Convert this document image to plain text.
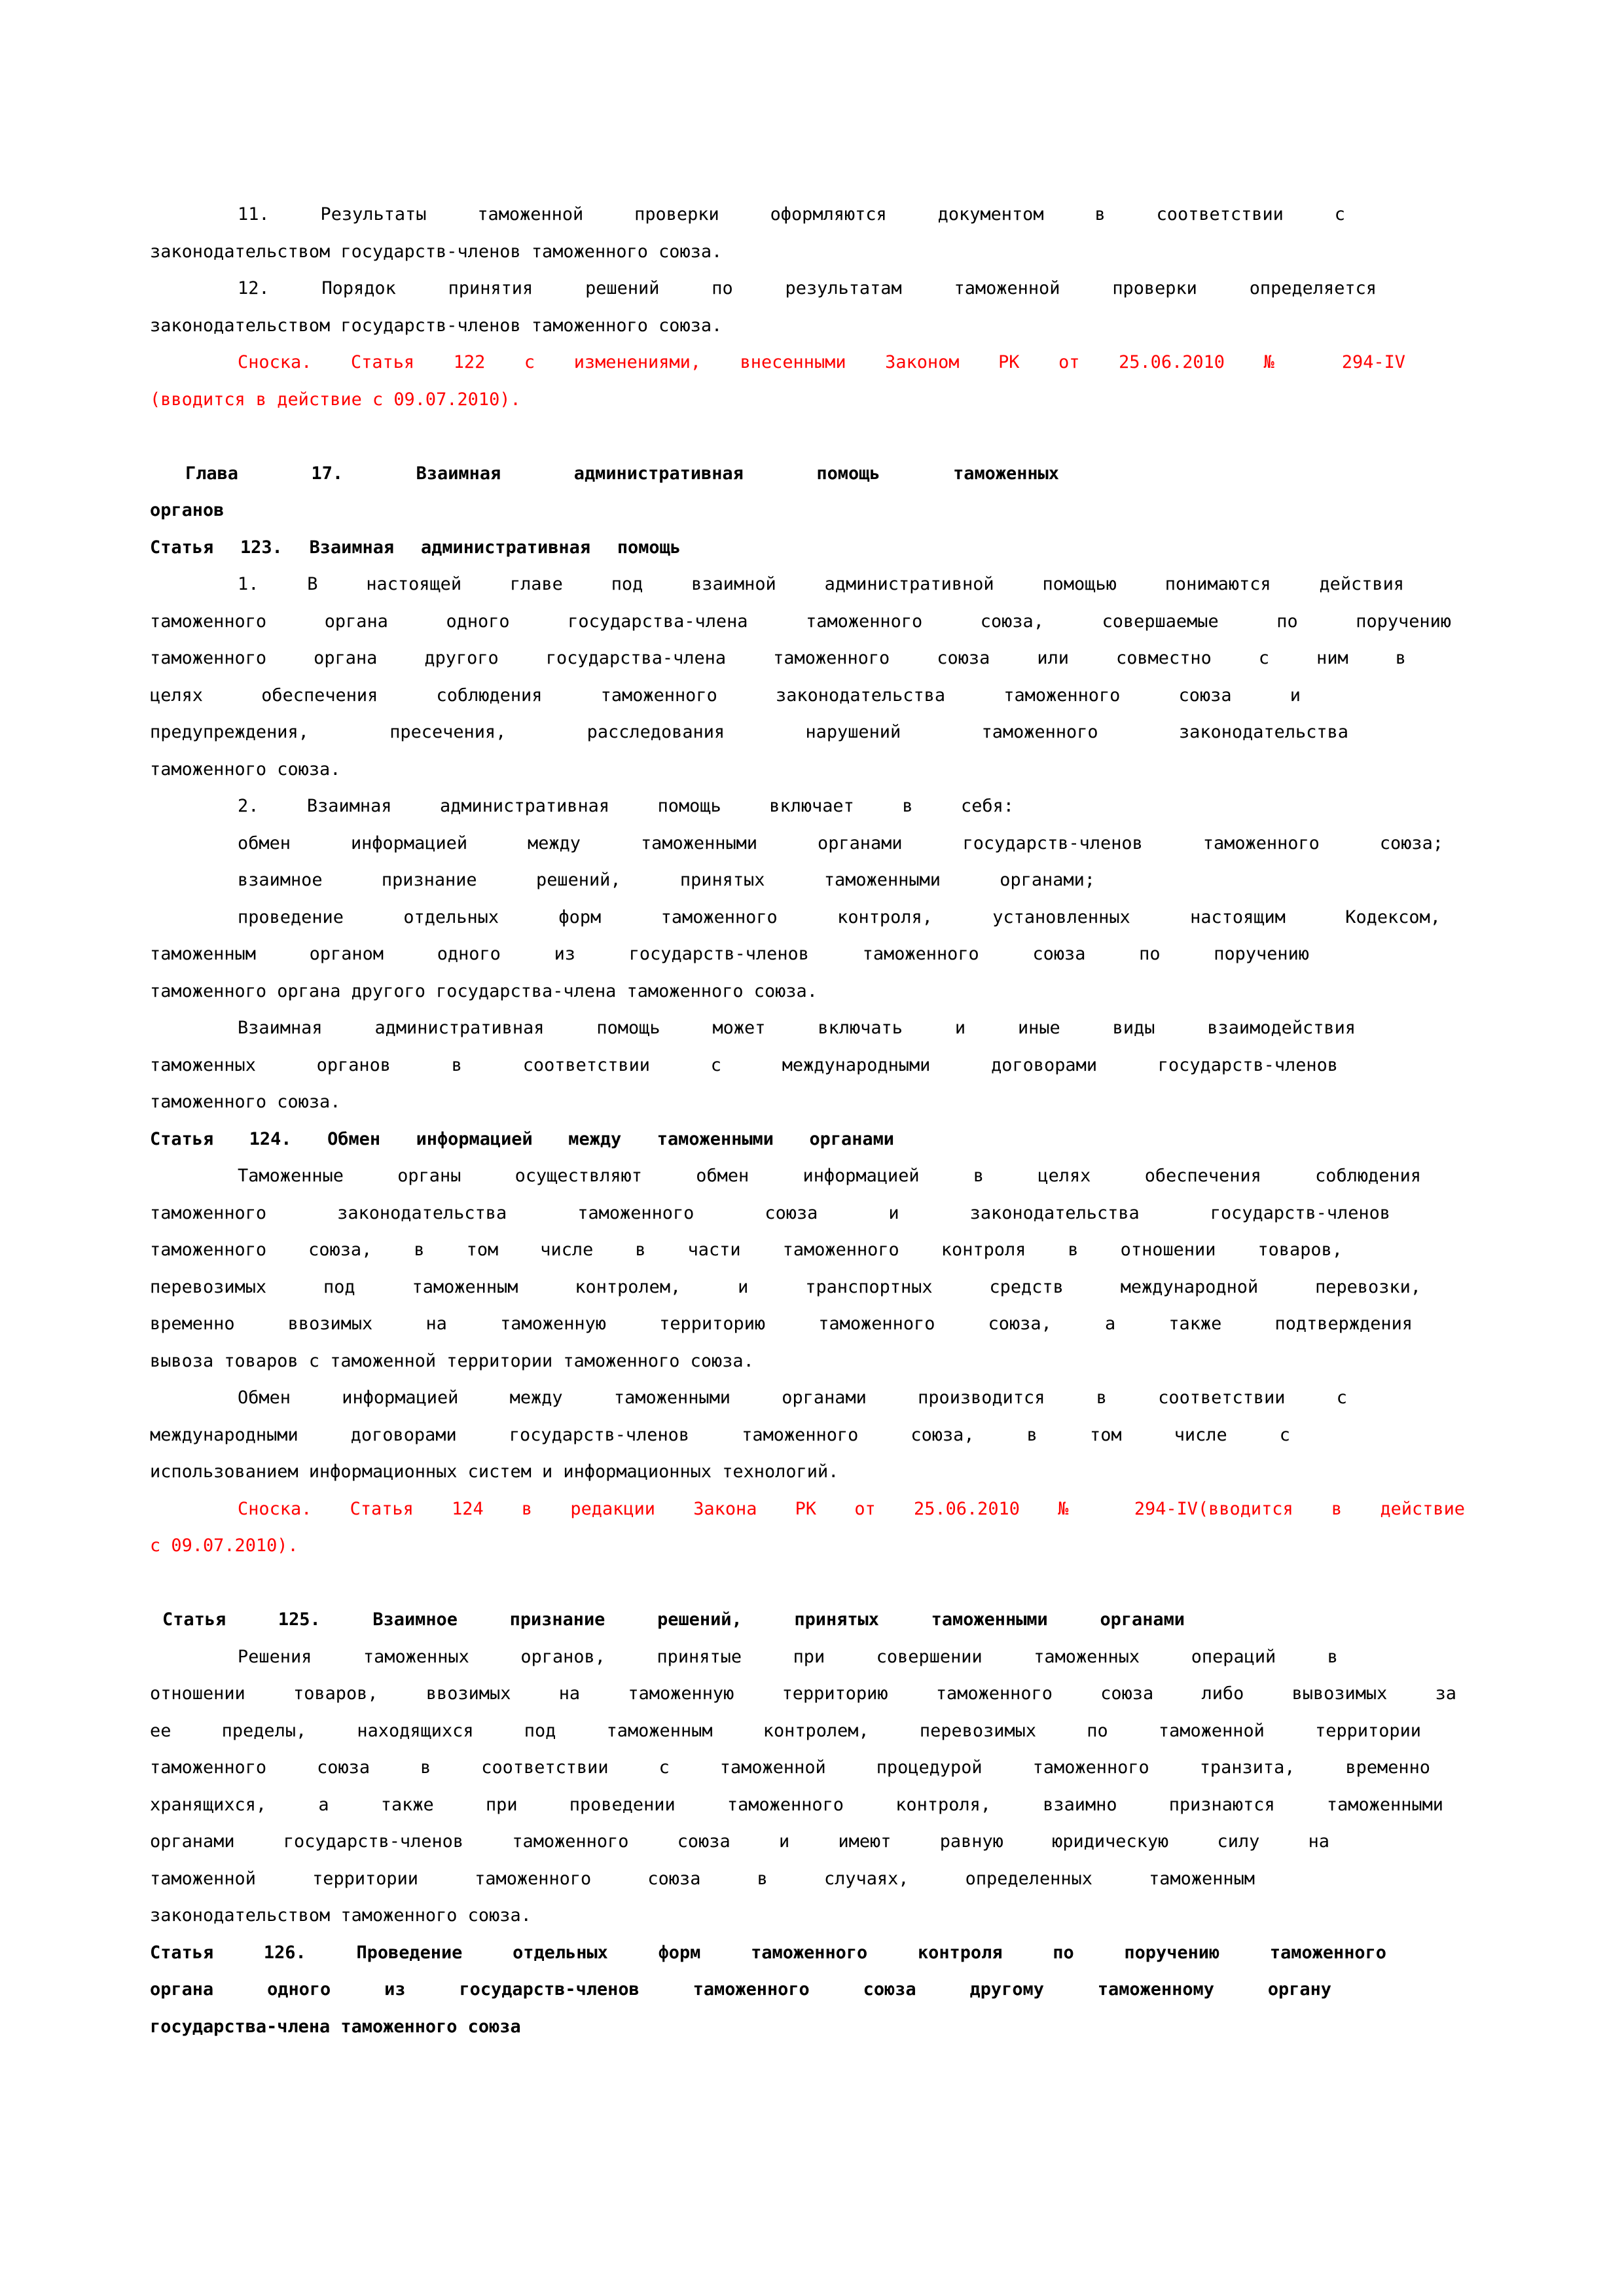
11. Результаты таможенной проверки оформляются документом в соответствии с
законодательством государств-членов таможенного союза.
12. Порядок принятия решений по результатам таможенной проверки определяется
законодательством государств-членов таможенного союза.
Сноска. Статья 122 с изменениями, внесенными Законом РК от 25.06.2010 № 294-IV
(вводится в действие с 09.07.2010).
Глава 17. Взаимная административная помощь таможенных
органов
Статья 123. Взаимная административная помощь
1. В настоящей главе под взаимной административной помощью понимаются действия
таможенного органа одного государства-члена таможенного союза, совершаемые по поручению
таможенного органа другого государства-члена таможенного союза или совместно с ним в
целях обеспечения соблюдения таможенного законодательства таможенного союза и
предупреждения, пресечения, расследования нарушений таможенного законодательства
таможенного союза.
2. Взаимная административная помощь включает в себя:
обмен информацией между таможенными органами государств-членов таможенного союза;
взаимное признание решений, принятых таможенными органами;
проведение отдельных форм таможенного контроля, установленных настоящим Кодексом,
таможенным органом одного из государств-членов таможенного союза по поручению
таможенного органа другого государства-члена таможенного союза.
Взаимная административная помощь может включать и иные виды взаимодействия
таможенных органов в соответствии с международными договорами государств-членов
таможенного союза.
Статья 124. Обмен информацией между таможенными органами
Таможенные органы осуществляют обмен информацией в целях обеспечения соблюдения
таможенного законодательства таможенного союза и законодательства государств-членов
таможенного союза, в том числе в части таможенного контроля в отношении товаров,
перевозимых под таможенным контролем, и транспортных средств международной перевозки,
временно ввозимых на таможенную территорию таможенного союза, а также подтверждения
вывоза товаров с таможенной территории таможенного союза.
Обмен информацией между таможенными органами производится в соответствии с
международными договорами государств-членов таможенного союза, в том числе с
использованием информационных систем и информационных технологий.
Сноска. Статья 124 в редакции Закона РК от 25.06.2010 № 294-IV(вводится в действие
с 09.07.2010).
Статья 125. Взаимное признание решений, принятых таможенными органами
Решения таможенных органов, принятые при совершении таможенных операций в
отношении товаров, ввозимых на таможенную территорию таможенного союза либо вывозимых за
ее пределы, находящихся под таможенным контролем, перевозимых по таможенной территории
таможенного союза в соответствии с таможенной процедурой таможенного транзита, временно
хранящихся, а также при проведении таможенного контроля, взаимно признаются таможенными
органами государств-членов таможенного союза и имеют равную юридическую силу на
таможенной территории таможенного союза в случаях, определенных таможенным
законодательством таможенного союза.
Статья 126. Проведение отдельных форм таможенного контроля по поручению таможенного
органа одного из государств-членов таможенного союза другому таможенному органу
государства-члена таможенного союза
